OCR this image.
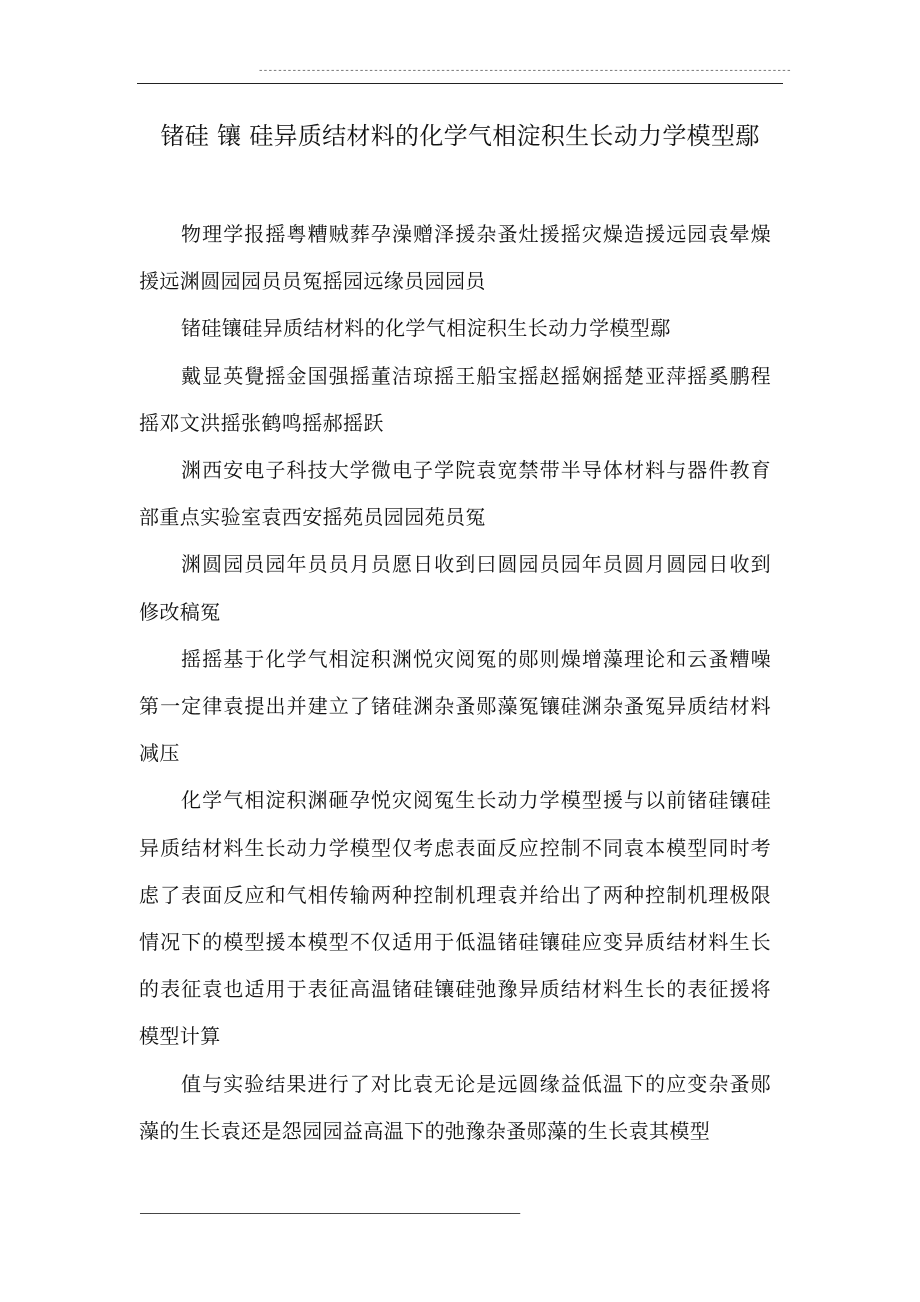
---------------------------------------------------------------------------------------------------------------
锗硅 镶 硅异质结材料的化学气相淀积生长动力学模型鄢

物理学报摇粤糟贼葬孕澡赠泽援杂蚤灶援摇灾燥造援远园袁晕燥援远渊圆园园员员冤摇园远缘员园园员

锗硅镶硅异质结材料的化学气相淀积生长动力学模型鄢

戴显英覺摇金国强摇董洁琼摇王船宝摇赵摇娴摇楚亚萍摇奚鹏程摇邓文洪摇张鹤鸣摇郝摇跃

渊西安电子科技大学微电子学院袁宽禁带半导体材料与器件教育部重点实验室袁西安摇苑员园园苑员冤

渊圆园员园年员员月员愿日收到曰圆园员园年员圆月圆园日收到修改稿冤

摇摇基于化学气相淀积渊悦灾阅冤的郧则燥增藻理论和云蚤糟噪第一定律袁提出并建立了锗硅渊杂蚤郧藻冤镶硅渊杂蚤冤异质结材料减压

化学气相淀积渊砸孕悦灾阅冤生长动力学模型援与以前锗硅镶硅异质结材料生长动力学模型仅考虑表面反应控制不同袁本模型同时考虑了表面反应和气相传输两种控制机理袁并给出了两种控制机理极限情况下的模型援本模型不仅适用于低温锗硅镶硅应变异质结材料生长的表征袁也适用于表征高温锗硅镶硅弛豫异质结材料生长的表征援将模型计算

值与实验结果进行了对比袁无论是远圆缘益低温下的应变杂蚤郧藻的生长袁还是怨园园益高温下的弛豫杂蚤郧藻的生长袁其模型

______________________________________
